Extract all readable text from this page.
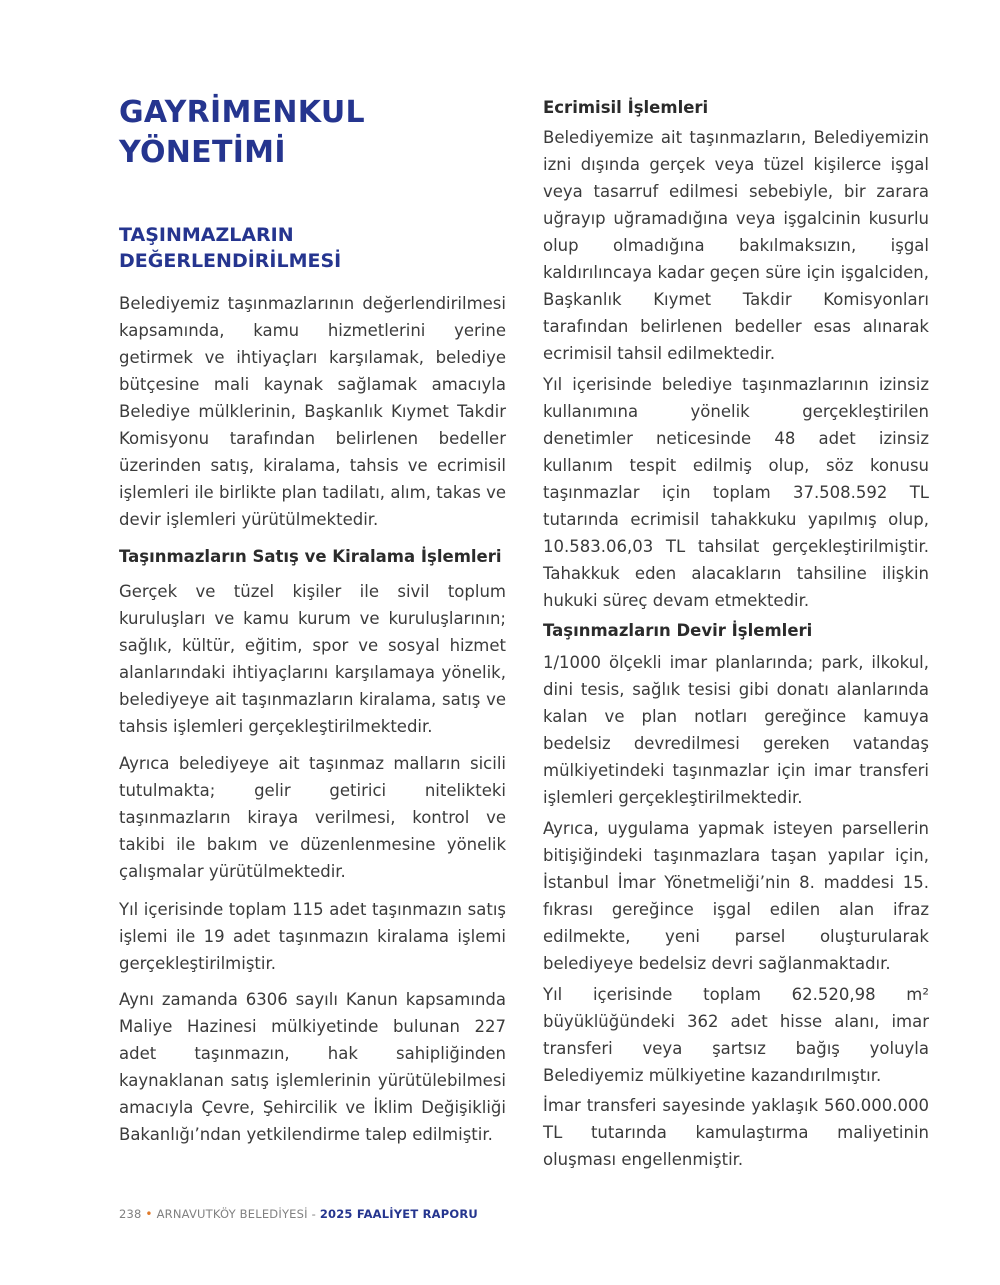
GAYRİMENKUL
YÖNETİMİ
TAŞINMAZLARIN
DEĞERLENDİRİLMESİ

Belediyemiz taşınmazlarının değerlendirilmesi kapsamında, kamu hizmetlerini yerine getirmek ve ihtiyaçları karşılamak, belediye bütçesine mali kaynak sağlamak amacıyla Belediye mülklerinin, Başkanlık Kıymet Takdir Komisyonu tarafından belirlenen bedeller üzerinden satış, kiralama, tahsis ve ecrimisil işlemleri ile birlikte plan tadilatı, alım, takas ve devir işlemleri yürütülmektedir.

Taşınmazların Satış ve Kiralama İşlemleri

Gerçek ve tüzel kişiler ile sivil toplum kuruluşları ve kamu kurum ve kuruluşlarının; sağlık, kültür, eğitim, spor ve sosyal hizmet alanlarındaki ihtiyaçlarını karşılamaya yönelik, belediyeye ait taşınmazların kiralama, satış ve tahsis işlemleri gerçekleştirilmektedir.

Ayrıca belediyeye ait taşınmaz malların sicili tutulmakta; gelir getirici nitelikteki taşınmazların kiraya verilmesi, kontrol ve takibi ile bakım ve düzenlenmesine yönelik çalışmalar yürütülmektedir.

Yıl içerisinde toplam 115 adet taşınmazın satış işlemi ile 19 adet taşınmazın kiralama işlemi gerçekleştirilmiştir.

Aynı zamanda 6306 sayılı Kanun kapsamında Maliye Hazinesi mülkiyetinde bulunan 227 adet taşınmazın, hak sahipliğinden kaynaklanan satış işlemlerinin yürütülebilmesi amacıyla Çevre, Şehircilik ve İklim Değişikliği Bakanlığı’ndan yetkilendirme talep edilmiştir.

Ecrimisil İşlemleri

Belediyemize ait taşınmazların, Belediyemizin izni dışında gerçek veya tüzel kişilerce işgal veya tasarruf edilmesi sebebiyle, bir zarara uğrayıp uğramadığına veya işgalcinin kusurlu olup olmadığına bakılmaksızın, işgal kaldırılıncaya kadar geçen süre için işgalciden, Başkanlık Kıymet Takdir Komisyonları tarafından belirlenen bedeller esas alınarak ecrimisil tahsil edilmektedir.

Yıl içerisinde belediye taşınmazlarının izinsiz kullanımına yönelik gerçekleştirilen denetimler neticesinde 48 adet izinsiz kullanım tespit edilmiş olup, söz konusu taşınmazlar için toplam 37.508.592 TL tutarında ecrimisil tahakkuku yapılmış olup, 10.583.06,03 TL tahsilat gerçekleştirilmiştir. Tahakkuk eden alacakların tahsiline ilişkin hukuki süreç devam etmektedir.

Taşınmazların Devir İşlemleri

1/1000 ölçekli imar planlarında; park, ilkokul, dini tesis, sağlık tesisi gibi donatı alanlarında kalan ve plan notları gereğince kamuya bedelsiz devredilmesi gereken vatandaş mülkiyetindeki taşınmazlar için imar transferi işlemleri gerçekleştirilmektedir.

Ayrıca, uygulama yapmak isteyen parsellerin bitişiğindeki taşınmazlara taşan yapılar için, İstanbul İmar Yönetmeliği’nin 8. maddesi 15. fıkrası gereğince işgal edilen alan ifraz edilmekte, yeni parsel oluşturularak belediyeye bedelsiz devri sağlanmaktadır.

Yıl içerisinde toplam 62.520,98 m² büyüklüğündeki 362 adet hisse alanı, imar transferi veya şartsız bağış yoluyla Belediyemiz mülkiyetine kazandırılmıştır.

İmar transferi sayesinde yaklaşık 560.000.000 TL tutarında kamulaştırma maliyetinin oluşması engellenmiştir.

238 • ARNAVUTKÖY BELEDİYESİ - 2025 FAALİYET RAPORU
